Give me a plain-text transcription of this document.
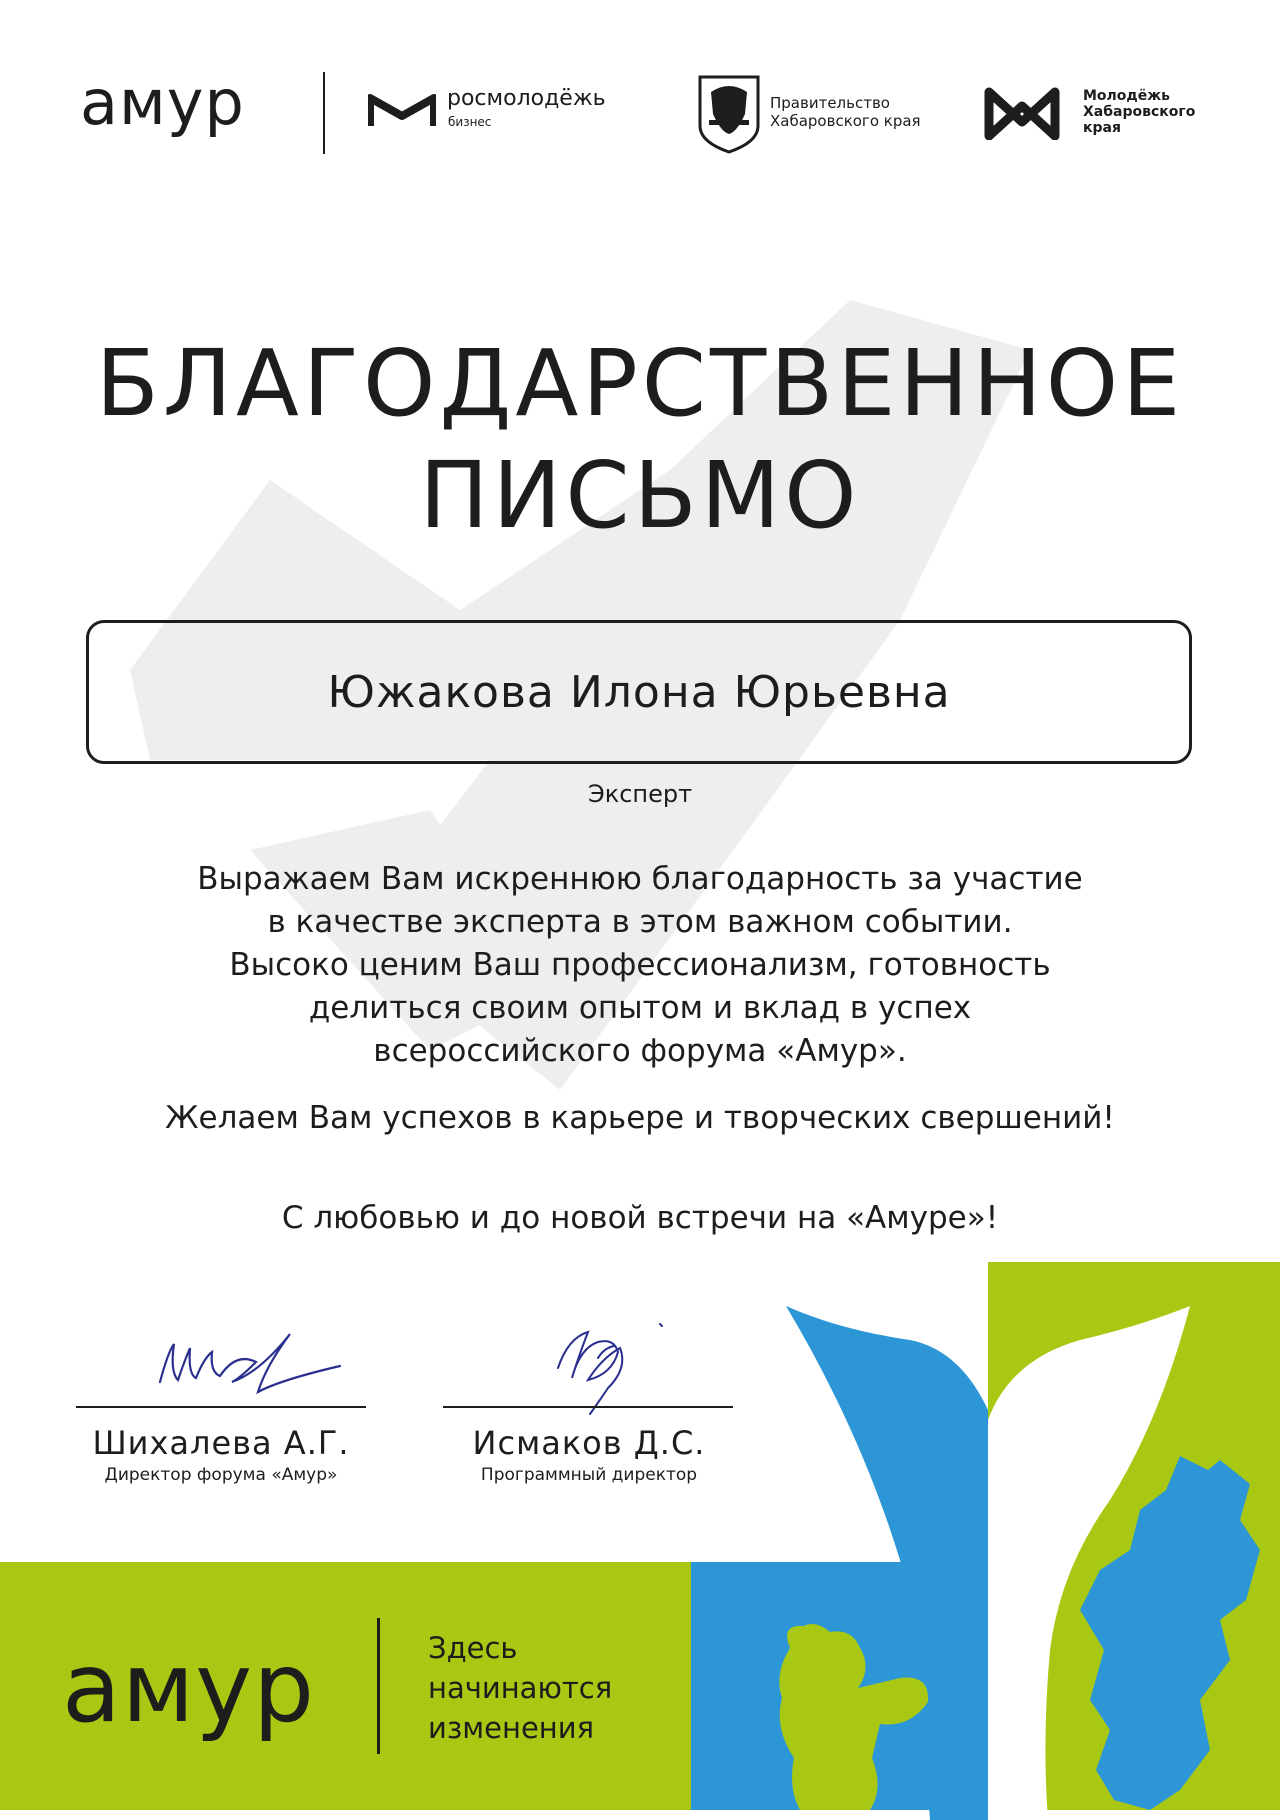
амур	росмолодёжь
бизнес
Правительство
Хабаровского края
Молодёжь
Хабаровского
края
БЛАГОДАРСТВЕННОЕ
ПИСЬМО
Южакова Илона Юрьевна
Эксперт
Выражаем Вам искреннюю благодарность за участие
в качестве эксперта в этом важном событии.
Высоко ценим Ваш профессионализм, готовность
делиться своим опытом и вклад в успех
всероссийского форума «Амур».
Желаем Вам успехов в карьере и творческих свершений!
С любовью и до новой встречи на «Амуре»!
амур	Здесь
начинаются
изменения
Шихалева А.Г.
Директор форума «Амур»
Исмаков Д.С.
Программный директор
